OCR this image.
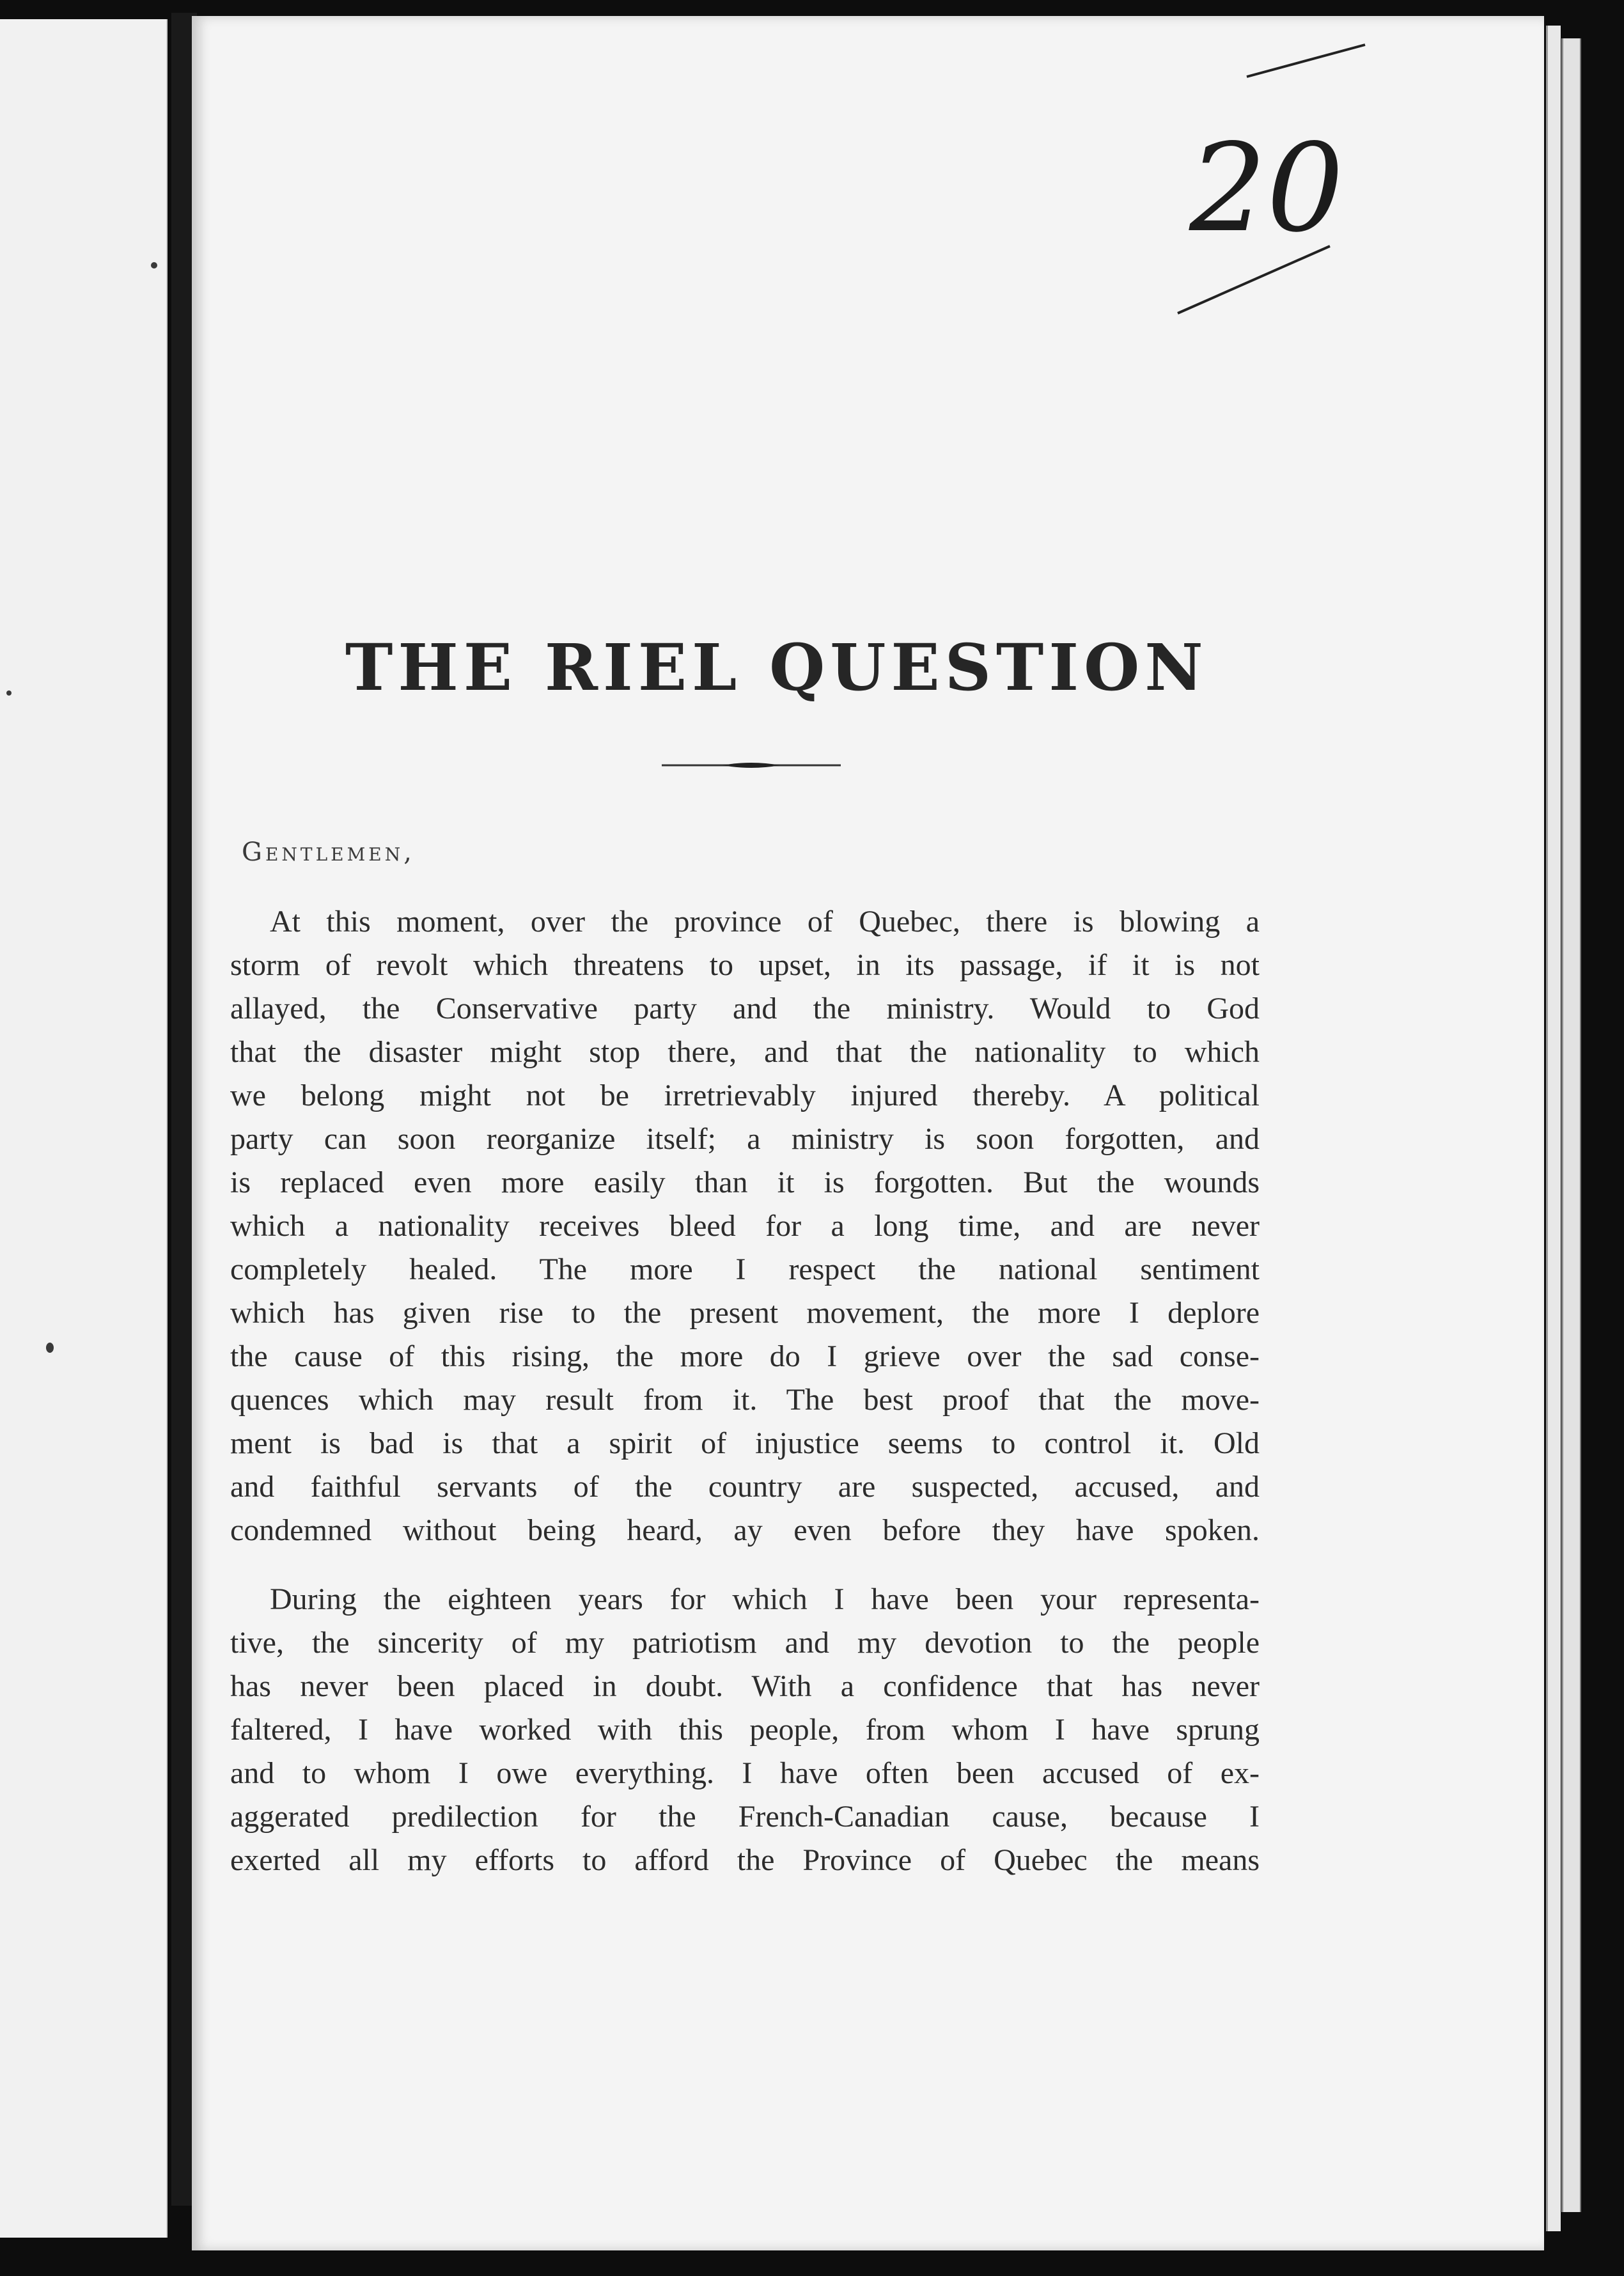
20
THE RIEL QUESTION
Gentlemen,
At this moment, over the province of Quebec, there is blowing a
storm of revolt which threatens to upset, in its passage, if it is not
allayed, the Conservative party and the ministry. Would to God
that the disaster might stop there, and that the nationality to which
we belong might not be irretrievably injured thereby. A political
party can soon reorganize itself; a ministry is soon forgotten, and
is replaced even more easily than it is forgotten. But the wounds
which a nationality receives bleed for a long time, and are never
completely healed. The more I respect the national sentiment
which has given rise to the present movement, the more I deplore
the cause of this rising, the more do I grieve over the sad conse-
quences which may result from it. The best proof that the move-
ment is bad is that a spirit of injustice seems to control it. Old
and faithful servants of the country are suspected, accused, and
condemned without being heard, ay even before they have spoken.
During the eighteen years for which I have been your representa-
tive, the sincerity of my patriotism and my devotion to the people
has never been placed in doubt. With a confidence that has never
faltered, I have worked with this people, from whom I have sprung
and to whom I owe everything. I have often been accused of ex-
aggerated predilection for the French-Canadian cause, because I
exerted all my efforts to afford the Province of Quebec the means
